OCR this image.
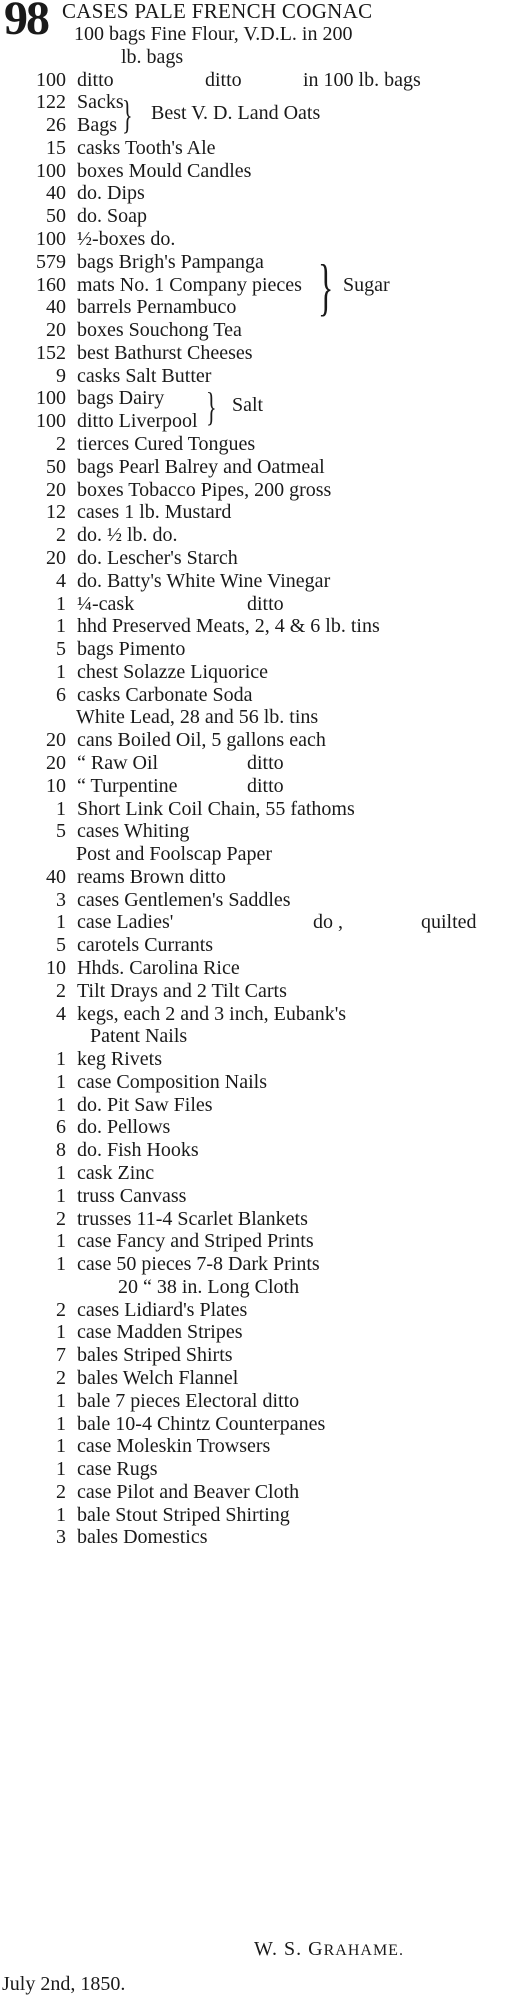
98 CASES PALE FRENCH COGNAC
100 bags Fine Flour, V.D.L. in 200
lb. bags
100 ditto	ditto	in 100 lb. bags
122 Sacks
26 Bags
15 casks Tooth's Ale
100 boxes Mould Candles
40 do. Dips
50 do. Soap
100 ½-boxes do.
579 bags Brigh's Pampanga
160 mats No. 1 Company pieces
40 barrels Pernambuco
20 boxes Souchong Tea
152 best Bathurst Cheeses
9 casks Salt Butter
100 bags Dairy
100 ditto Liverpool
2 tierces Cured Tongues
50 bags Pearl Balrey and Oatmeal
20 boxes Tobacco Pipes, 200 gross
12 cases 1 lb. Mustard
2 do. ½ lb. do.
20 do. Lescher's Starch
4 do. Batty's White Wine Vinegar
1 ¼-cask	ditto
1 hhd Preserved Meats, 2, 4 & 6 lb. tins
5 bags Pimento
1 chest Solazze Liquorice
6 casks Carbonate Soda
White Lead, 28 and 56 lb. tins
20 cans Boiled Oil, 5 gallons each
20 “ Raw Oil	ditto
10 “ Turpentine	ditto
1 Short Link Coil Chain, 55 fathoms
5 cases Whiting
Post and Foolscap Paper
40 reams Brown ditto
3 cases Gentlemen's Saddles
1 case Ladies'	do ,	quilted
5 carotels Currants
10 Hhds. Carolina Rice
2 Tilt Drays and 2 Tilt Carts
4 kegs, each 2 and 3 inch, Eubank's
Patent Nails
1 keg Rivets
1 case Composition Nails
1 do. Pit Saw Files
6 do. Pellows
8 do. Fish Hooks
1 cask Zinc
1 truss Canvass
2 trusses 11-4 Scarlet Blankets
1 case Fancy and Striped Prints
1 case 50 pieces 7-8 Dark Prints
20 “ 38 in. Long Cloth
2 cases Lidiard's Plates
1 case Madden Stripes
7 bales Striped Shirts
2 bales Welch Flannel
1 bale 7 pieces Electoral ditto
1 bale 10-4 Chintz Counterpanes
1 case Moleskin Trowsers
1 case Rugs
2 case Pilot and Beaver Cloth
1 bale Stout Striped Shirting
3 bales Domestics
} Best V. D. Land Oats
} Sugar
} Salt
W. S. GRAHAME.
July 2nd, 1850.
